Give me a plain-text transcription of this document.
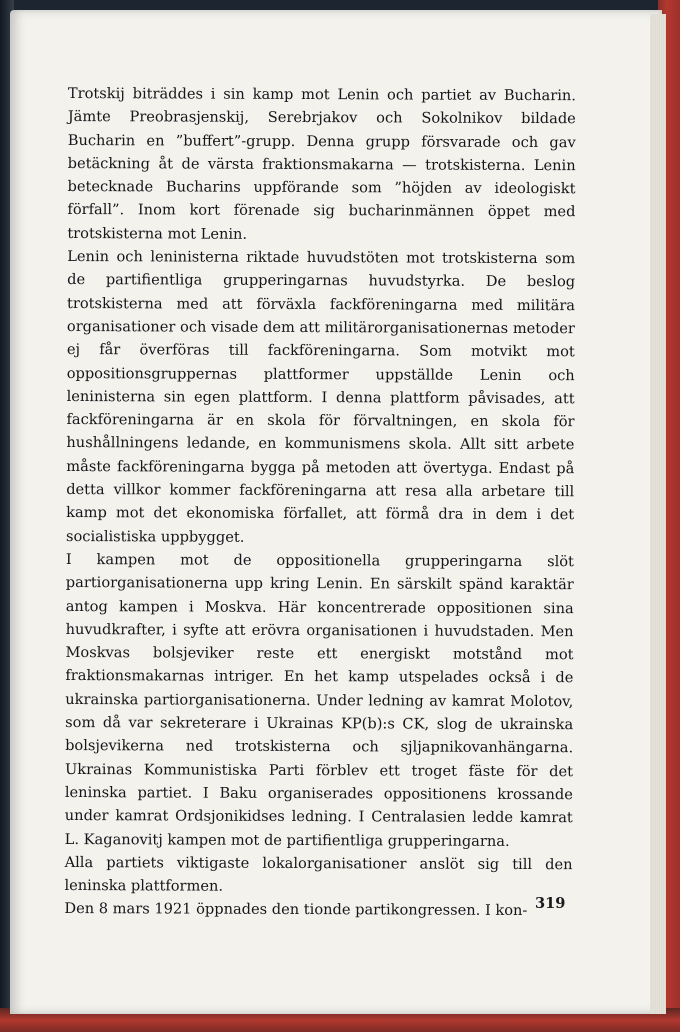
Trotskij biträddes i sin kamp mot Lenin och partiet av Bucharin. Jämte Preobrasjenskij, Serebrjakov och Sokolnikov bildade Bucharin en ”buffert”-grupp. Denna grupp försvarade och gav betäckning åt de värsta fraktionsmakarna — trotskisterna. Lenin betecknade Bucharins uppförande som ”höjden av ideologiskt förfall”. Inom kort förenade sig bucharinmännen öppet med trotskisterna mot Lenin.

Lenin och leninisterna riktade huvudstöten mot trotskisterna som de partifientliga grupperingarnas huvudstyrka. De beslog trotskisterna med att förväxla fackföreningarna med militära organisationer och visade dem att militärorganisationernas metoder ej får överföras till fackföreningarna. Som motvikt mot oppositionsgruppernas plattformer uppställde Lenin och leninisterna sin egen plattform. I denna plattform påvisades, att fackföreningarna är en skola för förvaltningen, en skola för hushållningens ledande, en kommunismens skola. Allt sitt arbete måste fackföreningarna bygga på metoden att övertyga. Endast på detta villkor kommer fackföreningarna att resa alla arbetare till kamp mot det ekonomiska förfallet, att förmå dra in dem i det socialistiska uppbygget.

I kampen mot de oppositionella grupperingarna slöt partiorganisationerna upp kring Lenin. En särskilt spänd karaktär antog kampen i Moskva. Här koncentrerade oppositionen sina huvudkrafter, i syfte att erövra organisationen i huvudstaden. Men Moskvas bolsjeviker reste ett energiskt motstånd mot fraktionsmakarnas intriger. En het kamp utspelades också i de ukrainska partiorganisationerna. Under ledning av kamrat Molotov, som då var sekreterare i Ukrainas KP(b):s CK, slog de ukrainska bolsjevikerna ned trotskisterna och sjljapnikovanhängarna. Ukrainas Kommunistiska Parti förblev ett troget fäste för det leninska partiet. I Baku organiserades oppositionens krossande under kamrat Ordsjonikidses ledning. I Centralasien ledde kamrat L. Kaganovitj kampen mot de partifientliga grupperingarna.

Alla partiets viktigaste lokalorganisationer anslöt sig till den leninska plattformen.

Den 8 mars 1921 öppnades den tionde partikongressen. I kon- 319
